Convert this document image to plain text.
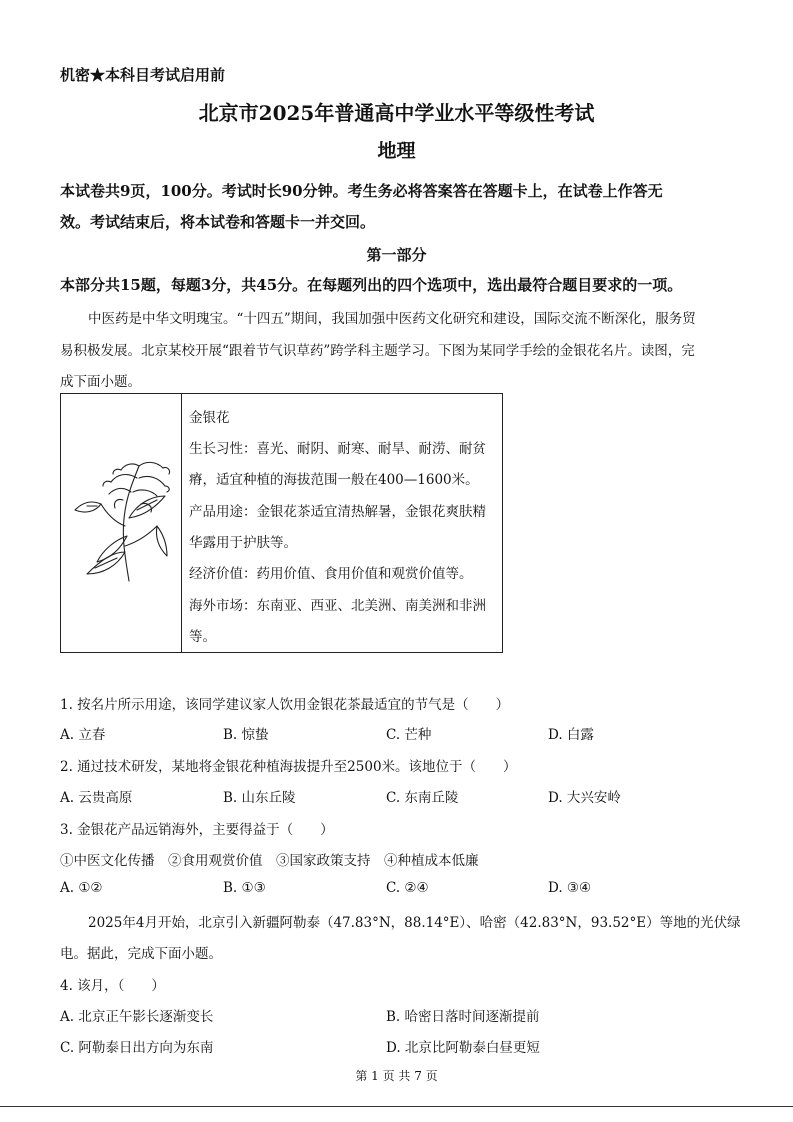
机密★本科目考试启用前
北京市2025年普通高中学业水平等级性考试
地理
本试卷共9页，100分。考试时长90分钟。考生务必将答案答在答题卡上，在试卷上作答无
效。考试结束后，将本试卷和答题卡一并交回。
第一部分
本部分共15题，每题3分，共45分。在每题列出的四个选项中，选出最符合题目要求的一项。
中医药是中华文明瑰宝。“十四五”期间，我国加强中医药文化研究和建设，国际交流不断深化，服务贸
易积极发展。北京某校开展“跟着节气识草药”跨学科主题学习。下图为某同学手绘的金银花名片。读图，完
成下面小题。
金银花
生长习性：喜光、耐阴、耐寒、耐旱、耐涝、耐贫
瘠，适宜种植的海拔范围一般在400—1600米。
产品用途：金银花茶适宜清热解暑，金银花爽肤精
华露用于护肤等。
经济价值：药用价值、食用价值和观赏价值等。
海外市场：东南亚、西亚、北美洲、南美洲和非洲
等。
1. 按名片所示用途，该同学建议家人饮用金银花茶最适宜的节气是（　　）
A. 立春	B. 惊蛰	C. 芒种	D. 白露
2. 通过技术研发，某地将金银花种植海拔提升至2500米。该地位于（　　）
A. 云贵高原	B. 山东丘陵	C. 东南丘陵	D. 大兴安岭
3. 金银花产品远销海外，主要得益于（　　）
①中医文化传播　②食用观赏价值　③国家政策支持　④种植成本低廉
A. ①②	B. ①③	C. ②④	D. ③④
2025年4月开始，北京引入新疆阿勒泰（47.83°N，88.14°E）、哈密（42.83°N，93.52°E）等地的光伏绿
电。据此，完成下面小题。
4. 该月，（　　）
A. 北京正午影长逐渐变长	B. 哈密日落时间逐渐提前
C. 阿勒泰日出方向为东南	D. 北京比阿勒泰白昼更短
第 1 页 共 7 页
